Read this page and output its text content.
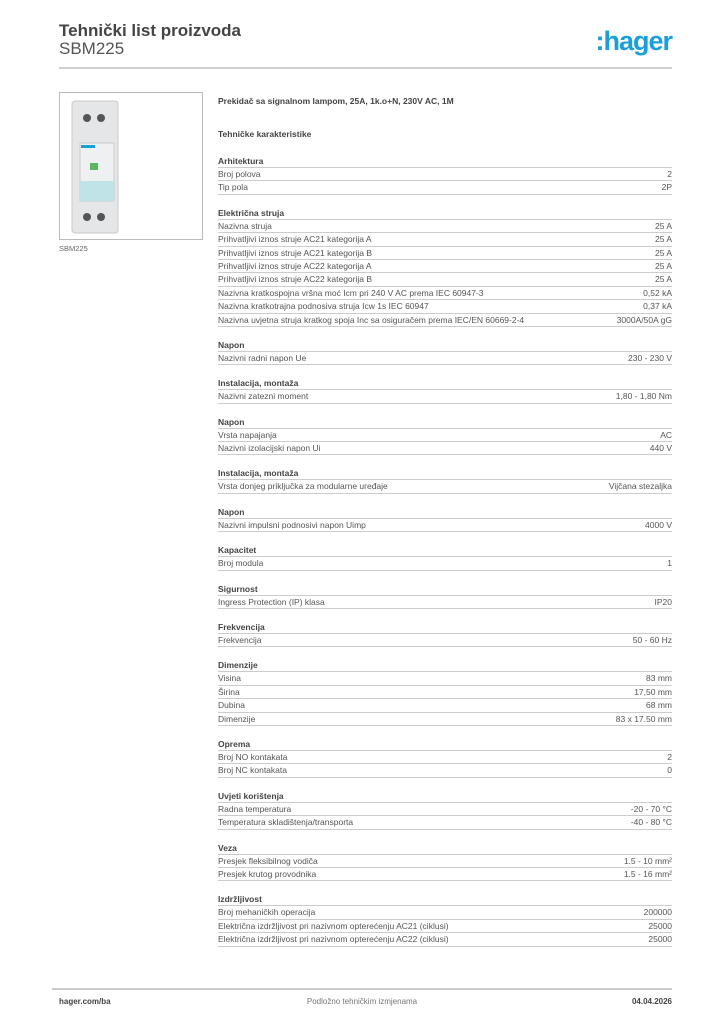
Tehnički list proizvoda
SBM225	:hager
SBM225
Prekidač sa signalnom lampom, 25A, 1k.o+N, 230V AC, 1M
Tehničke karakteristike
Arhitektura
Broj polova	2
Tip pola	2P
Električna struja
Nazivna struja	25 A
Prihvatljivi iznos struje AC21 kategorija A	25 A
Prihvatljivi iznos struje AC21 kategorija B	25 A
Prihvatljivi iznos struje AC22 kategorija A	25 A
Prihvatljivi iznos struje AC22 kategorija B	25 A
Nazivna kratkospojna vršna moć Icm pri 240 V AC prema IEC 60947-3	0,52 kA
Nazivna kratkotrajna podnosiva struja Icw 1s IEC 60947	0,37 kA
Nazivna uvjetna struja kratkog spoja Inc sa osiguračem prema IEC/EN 60669-2-4	3000A/50A gG
Napon
Nazivni radni napon Ue	230 - 230 V
Instalacija, montaža
Nazivni zatezni moment	1,80 - 1,80 Nm
Napon
Vrsta napajanja	AC
Nazivni izolacijski napon Ui	440 V
Instalacija, montaža
Vrsta donjeg priključka za modularne uređaje	Vijčana stezaljka
Napon
Nazivni impulsni podnosivi napon Uimp	4000 V
Kapacitet
Broj modula	1
Sigurnost
Ingress Protection (IP) klasa	IP20
Frekvencija
Frekvencija	50 - 60 Hz
Dimenzije
Visina	83 mm
Širina	17,50 mm
Dubina	68 mm
Dimenzije	83 x 17.50 mm
Oprema
Broj NO kontakata	2
Broj NC kontakata	0
Uvjeti korištenja
Radna temperatura	-20 - 70 °C
Temperatura skladištenja/transporta	-40 - 80 °C
Veza
Presjek fleksibilnog vodiča	1.5 - 10 mm²
Presjek krutog provodnika	1.5 - 16 mm²
Izdržljivost
Broj mehaničkih operacija	200000
Električna izdržljivost pri nazivnom opterećenju AC21 (ciklusi)	25000
Električna izdržljivost pri nazivnom opterećenju AC22 (ciklusi)	25000
hager.com/ba	Podložno tehničkim izmjenama	04.04.2026
